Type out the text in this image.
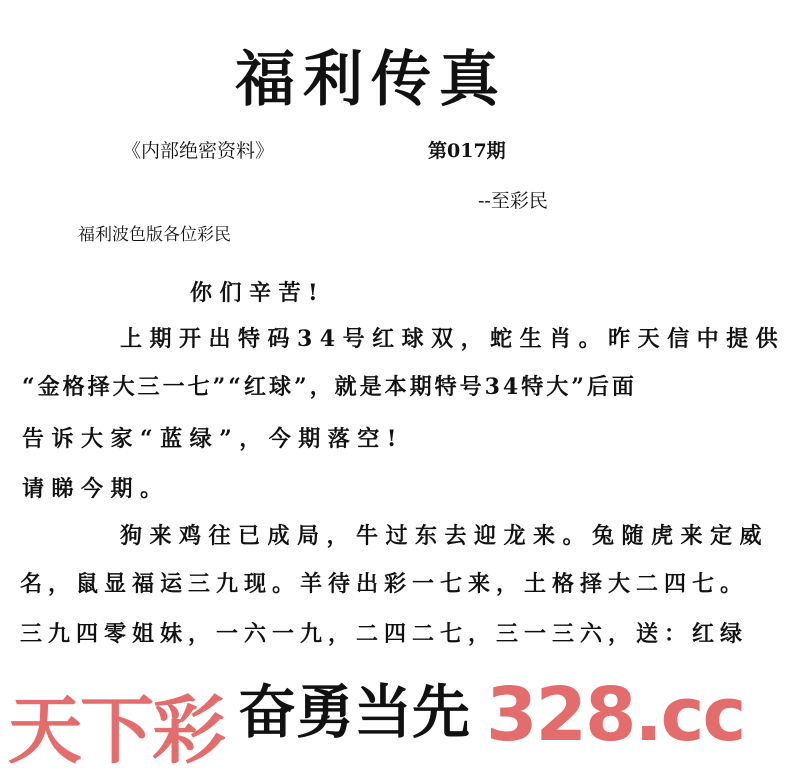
福利传真
《内部绝密资料》	第017期
--至彩民
福利波色版各位彩民
你们辛苦!
上期开出特码34号红球双，蛇生肖。昨天信中提供
“金格择大三一七”“红球”，就是本期特号34特大”后面
告诉大家“蓝绿”，今期落空!
请睇今期。
狗来鸡往已成局，牛过东去迎龙来。兔随虎来定威
名，鼠显福运三九现。羊待出彩一七来，土格择大二四七。
三九四零姐妹，一六一九，二四二七，三一三六，送：红绿
奋勇当先
天下彩	328.cc
